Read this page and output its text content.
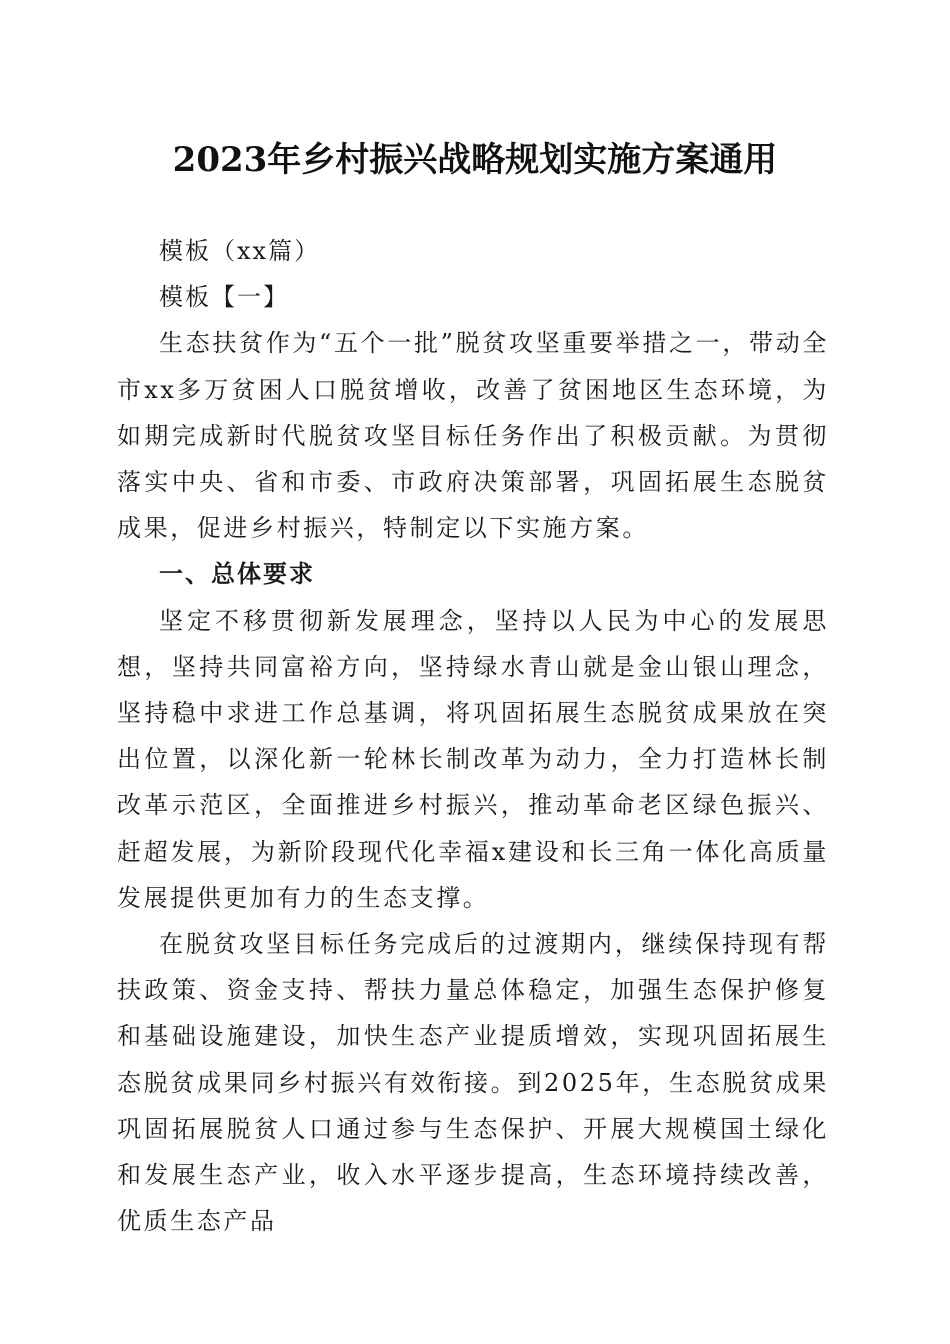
2023年乡村振兴战略规划实施方案通用

模板（xx篇）

模板【一】

生态扶贫作为“五个一批”脱贫攻坚重要举措之一，带动全市xx多万贫困人口脱贫增收，改善了贫困地区生态环境，为如期完成新时代脱贫攻坚目标任务作出了积极贡献。为贯彻落实中央、省和市委、市政府决策部署，巩固拓展生态脱贫成果，促进乡村振兴，特制定以下实施方案。

一、总体要求

坚定不移贯彻新发展理念，坚持以人民为中心的发展思想，坚持共同富裕方向，坚持绿水青山就是金山银山理念，坚持稳中求进工作总基调，将巩固拓展生态脱贫成果放在突出位置，以深化新一轮林长制改革为动力，全力打造林长制改革示范区，全面推进乡村振兴，推动革命老区绿色振兴、赶超发展，为新阶段现代化幸福x建设和长三角一体化高质量发展提供更加有力的生态支撑。

在脱贫攻坚目标任务完成后的过渡期内，继续保持现有帮扶政策、资金支持、帮扶力量总体稳定，加强生态保护修复和基础设施建设，加快生态产业提质增效，实现巩固拓展生态脱贫成果同乡村振兴有效衔接。到2025年，生态脱贫成果巩固拓展脱贫人口通过参与生态保护、开展大规模国土绿化和发展生态产业，收入水平逐步提高，生态环境持续改善，优质生态产品
